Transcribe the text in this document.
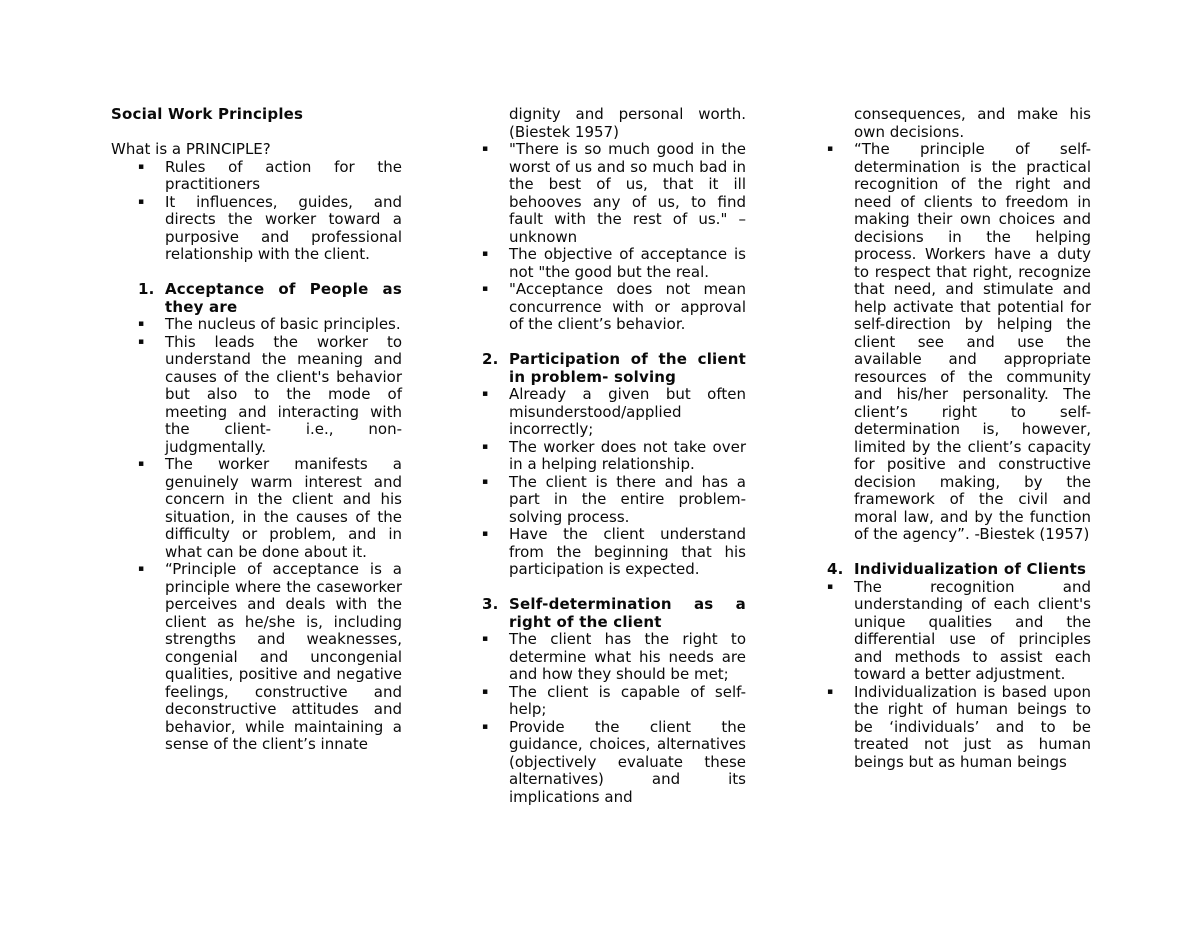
Social Work Principles
What is a PRINCIPLE?
▪ Rules of action for the practitioners
▪ It influences, guides, and directs the worker toward a purposive and professional relationship with the client.
1. Acceptance of People as they are
▪ The nucleus of basic principles.
▪ This leads the worker to understand the meaning and causes of the client's behavior but also to the mode of meeting and interacting with the client- i.e., non-judgmentally.
▪ The worker manifests a genuinely warm interest and concern in the client and his situation, in the causes of the difficulty or problem, and in what can be done about it.
▪ “Principle of acceptance is a principle where the caseworker perceives and deals with the client as he/she is, including strengths and weaknesses, congenial and uncongenial qualities, positive and negative feelings, constructive and deconstructive attitudes and behavior, while maintaining a sense of the client’s innate
dignity and personal worth. (Biestek 1957)
▪ "There is so much good in the worst of us and so much bad in the best of us, that it ill behooves any of us, to find fault with the rest of us." – unknown
▪ The objective of acceptance is not "the good but the real.
▪ "Acceptance does not mean concurrence with or approval of the client’s behavior.
2. Participation of the client in problem- solving
▪ Already a given but often misunderstood/applied incorrectly;
▪ The worker does not take over in a helping relationship.
▪ The client is there and has a part in the entire problem-solving process.
▪ Have the client understand from the beginning that his participation is expected.
3. Self-determination as a right of the client
▪ The client has the right to determine what his needs are and how they should be met;
▪ The client is capable of self-help;
▪ Provide the client the guidance, choices, alternatives (objectively evaluate these alternatives) and its implications and
consequences, and make his own decisions.
▪ “The principle of self-determination is the practical recognition of the right and need of clients to freedom in making their own choices and decisions in the helping process. Workers have a duty to respect that right, recognize that need, and stimulate and help activate that potential for self-direction by helping the client see and use the available and appropriate resources of the community and his/her personality. The client’s right to self-determination is, however, limited by the client’s capacity for positive and constructive decision making, by the framework of the civil and moral law, and by the function of the agency”. -Biestek (1957)
4. Individualization of Clients
▪ The recognition and understanding of each client's unique qualities and the differential use of principles and methods to assist each toward a better adjustment.
▪ Individualization is based upon the right of human beings to be ‘individuals’ and to be treated not just as human beings but as human beings
